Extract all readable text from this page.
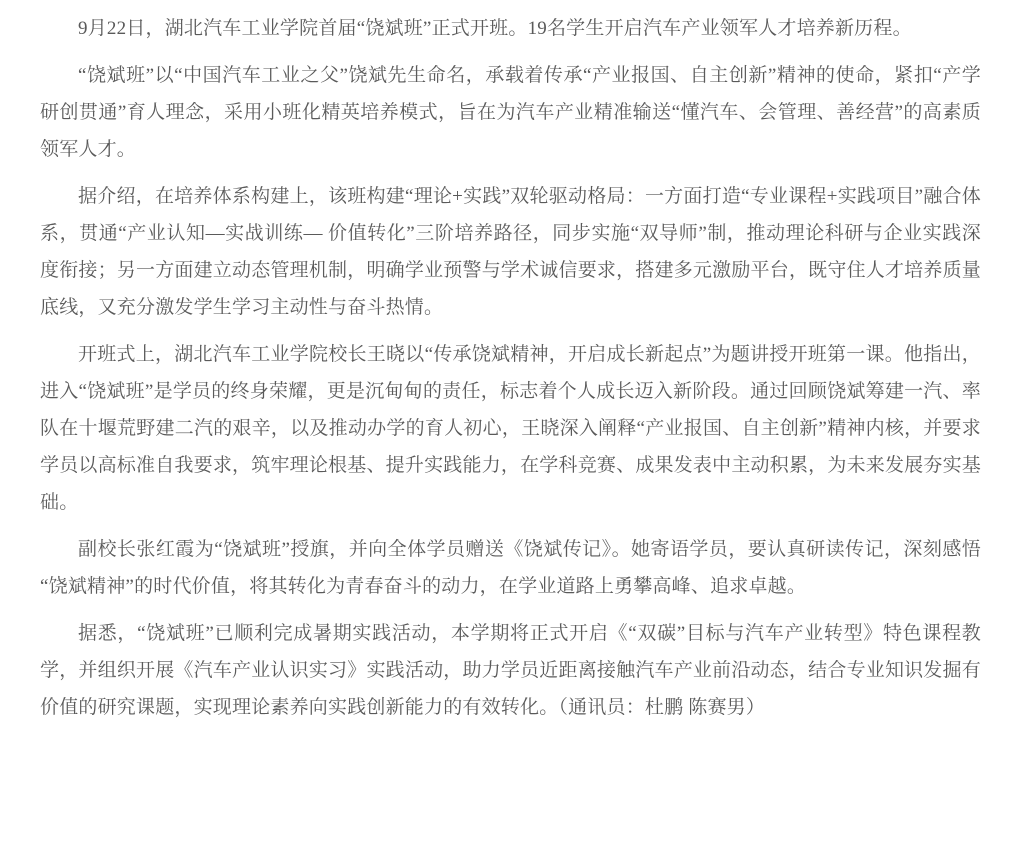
9月22日，湖北汽车工业学院首届“饶斌班”正式开班。19名学生开启汽车产业领军人才培养新历程。

“饶斌班”以“中国汽车工业之父”饶斌先生命名，承载着传承“产业报国、自主创新”精神的使命，紧扣“产学研创贯通”育人理念，采用小班化精英培养模式，旨在为汽车产业精准输送“懂汽车、会管理、善经营”的高素质领军人才。

据介绍，在培养体系构建上，该班构建“理论+实践”双轮驱动格局：一方面打造“专业课程+实践项目”融合体系，贯通“产业认知—实战训练— 价值转化”三阶培养路径，同步实施“双导师”制，推动理论科研与企业实践深度衔接；另一方面建立动态管理机制，明确学业预警与学术诚信要求，搭建多元激励平台，既守住人才培养质量底线，又充分激发学生学习主动性与奋斗热情。

开班式上，湖北汽车工业学院校长王晓以“传承饶斌精神，开启成长新起点”为题讲授开班第一课。他指出，进入“饶斌班”是学员的终身荣耀，更是沉甸甸的责任，标志着个人成长迈入新阶段。通过回顾饶斌筹建一汽、率队在十堰荒野建二汽的艰辛，以及推动办学的育人初心，王晓深入阐释“产业报国、自主创新”精神内核，并要求学员以高标准自我要求，筑牢理论根基、提升实践能力，在学科竞赛、成果发表中主动积累，为未来发展夯实基础。

副校长张红霞为“饶斌班”授旗，并向全体学员赠送《饶斌传记》。她寄语学员，要认真研读传记，深刻感悟“饶斌精神”的时代价值，将其转化为青春奋斗的动力，在学业道路上勇攀高峰、追求卓越。

据悉，“饶斌班”已顺利完成暑期实践活动，本学期将正式开启《“双碳”目标与汽车产业转型》特色课程教学，并组织开展《汽车产业认识实习》实践活动，助力学员近距离接触汽车产业前沿动态，结合专业知识发掘有价值的研究课题，实现理论素养向实践创新能力的有效转化。（通讯员：杜鹏 陈赛男）
